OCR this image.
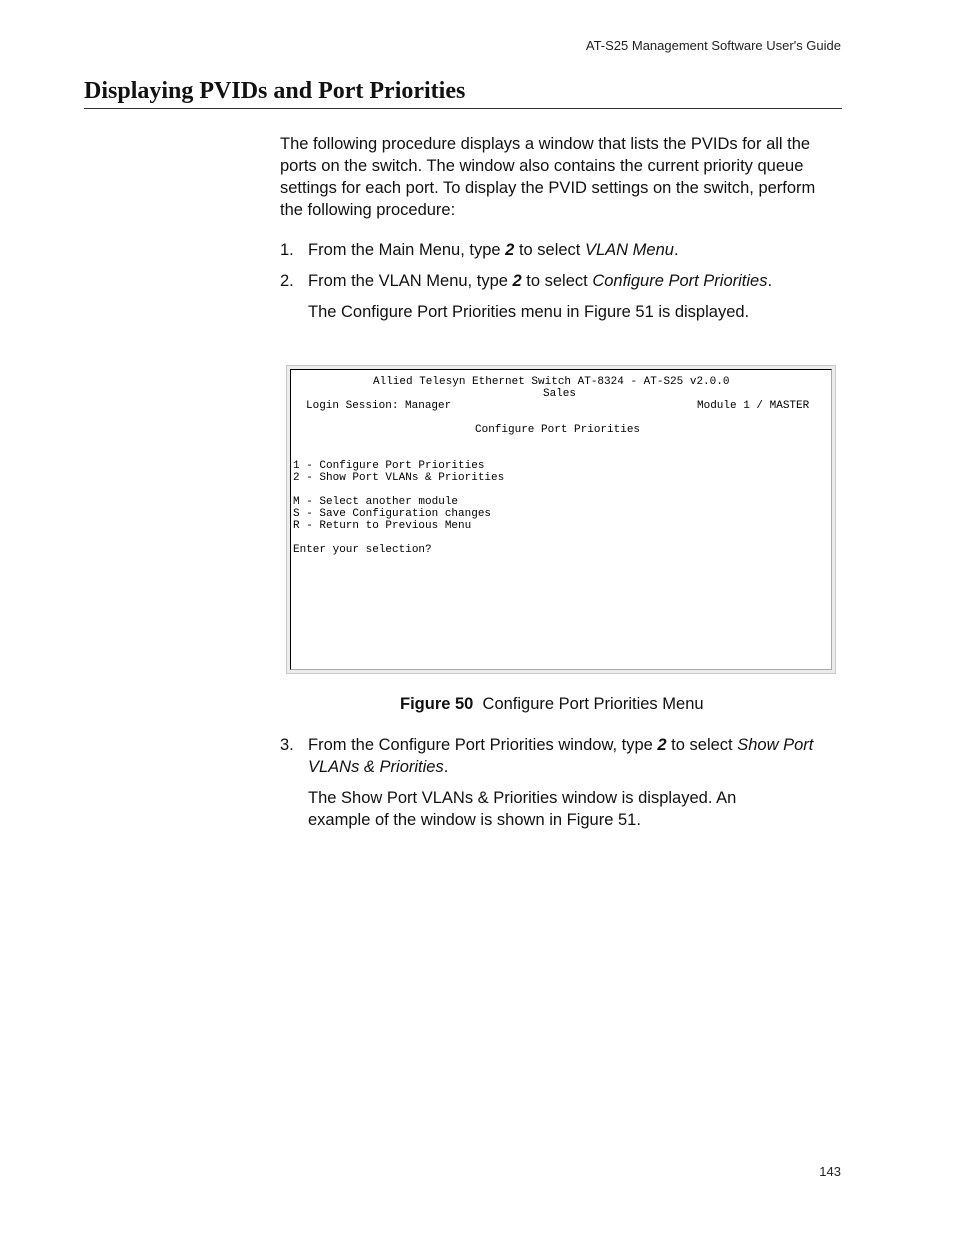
AT-S25 Management Software User's Guide
Displaying PVIDs and Port Priorities

The following procedure displays a window that lists the PVIDs for all the ports on the switch. The window also contains the current priority queue settings for each port. To display the PVID settings on the switch, perform the following procedure:

1. From the Main Menu, type 2 to select VLAN Menu.
2. From the VLAN Menu, type 2 to select Configure Port Priorities.
The Configure Port Priorities menu in Figure 51 is displayed.
Allied Telesyn Ethernet Switch AT-8324 - AT-S25 v2.0.0
Sales
Login Session: Manager	Module 1 / MASTER
Configure Port Priorities
1 - Configure Port Priorities
2 - Show Port VLANs & Priorities
M - Select another module
S - Save Configuration changes
R - Return to Previous Menu
Enter your selection?
Figure 50 Configure Port Priorities Menu
3. From the Configure Port Priorities window, type 2 to select Show Port VLANs & Priorities.
The Show Port VLANs & Priorities window is displayed. An example of the window is shown in Figure 51.
143
